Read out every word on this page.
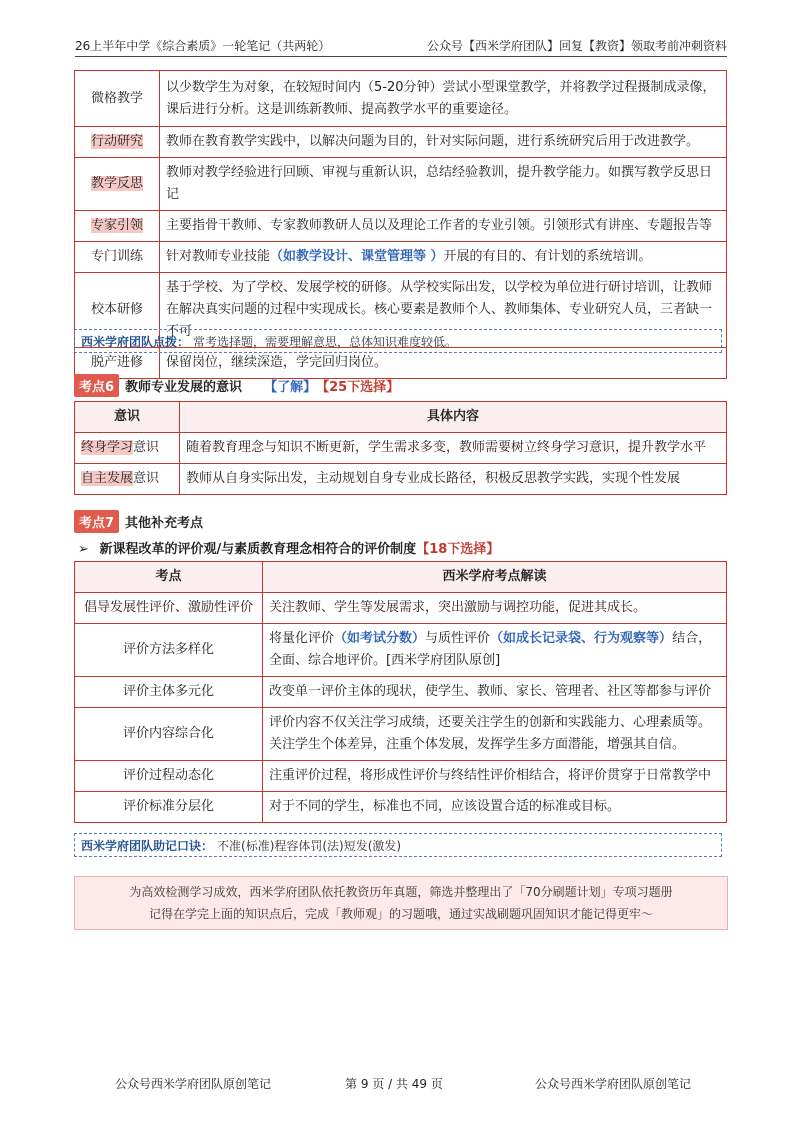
26上半年中学《综合素质》一轮笔记（共两轮）	公众号【西米学府团队】回复【教资】领取考前冲刺资料
微格教学	以少数学生为对象，在较短时间内（5-20分钟）尝试小型课堂教学，并将教学过程摄制成录像，课后进行分析。这是训练新教师、提高教学水平的重要途径。
行动研究	教师在教育教学实践中，以解决问题为目的，针对实际问题，进行系统研究后用于改进教学。
教学反思	教师对教学经验进行回顾、审视与重新认识，总结经验教训，提升教学能力。如撰写教学反思日记
专家引领	主要指骨干教师、专家教师教研人员以及理论工作者的专业引领。引领形式有讲座、专题报告等
专门训练	针对教师专业技能（如教学设计、课堂管理等 ）开展的有目的、有计划的系统培训。
校本研修	基于学校、为了学校、发展学校的研修。从学校实际出发，以学校为单位进行研讨培训，让教师在解决真实问题的过程中实现成长。核心要素是教师个人、教师集体、专业研究人员，三者缺一不可
脱产进修	保留岗位，继续深造，学完回归岗位。
西米学府团队点拨： 常考选择题，需要理解意思，总体知识难度较低。
考点6 教师专业发展的意识 【了解】 【25下选择】
意识	具体内容
终身学习意识	随着教育理念与知识不断更新，学生需求多变，教师需要树立终身学习意识，提升教学水平
自主发展意识	教师从自身实际出发，主动规划自身专业成长路径，积极反思教学实践，实现个性发展
考点7 其他补充考点
➢ 新课程改革的评价观/与素质教育理念相符合的评价制度【18下选择】
考点	西米学府考点解读
倡导发展性评价、激励性评价	关注教师、学生等发展需求，突出激励与调控功能，促进其成长。
评价方法多样化	将量化评价（如考试分数）与质性评价（如成长记录袋、行为观察等）结合，全面、综合地评价。[西米学府团队原创]
评价主体多元化	改变单一评价主体的现状，使学生、教师、家长、管理者、社区等都参与评价
评价内容综合化	评价内容不仅关注学习成绩，还要关注学生的创新和实践能力、心理素质等。关注学生个体差异，注重个体发展，发挥学生多方面潜能，增强其自信。
评价过程动态化	注重评价过程，将形成性评价与终结性评价相结合，将评价贯穿于日常教学中
评价标准分层化	对于不同的学生，标准也不同，应该设置合适的标准或目标。
西米学府团队助记口诀： 不准(标准)程容体罚(法)短发(激发)
为高效检测学习成效，西米学府团队依托教资历年真题，筛选并整理出了「70分刷题计划」专项习题册
记得在学完上面的知识点后，完成「教师观」的习题哦，通过实战刷题巩固知识才能记得更牢～
公众号西米学府团队原创笔记	第 9 页 / 共 49 页	公众号西米学府团队原创笔记
